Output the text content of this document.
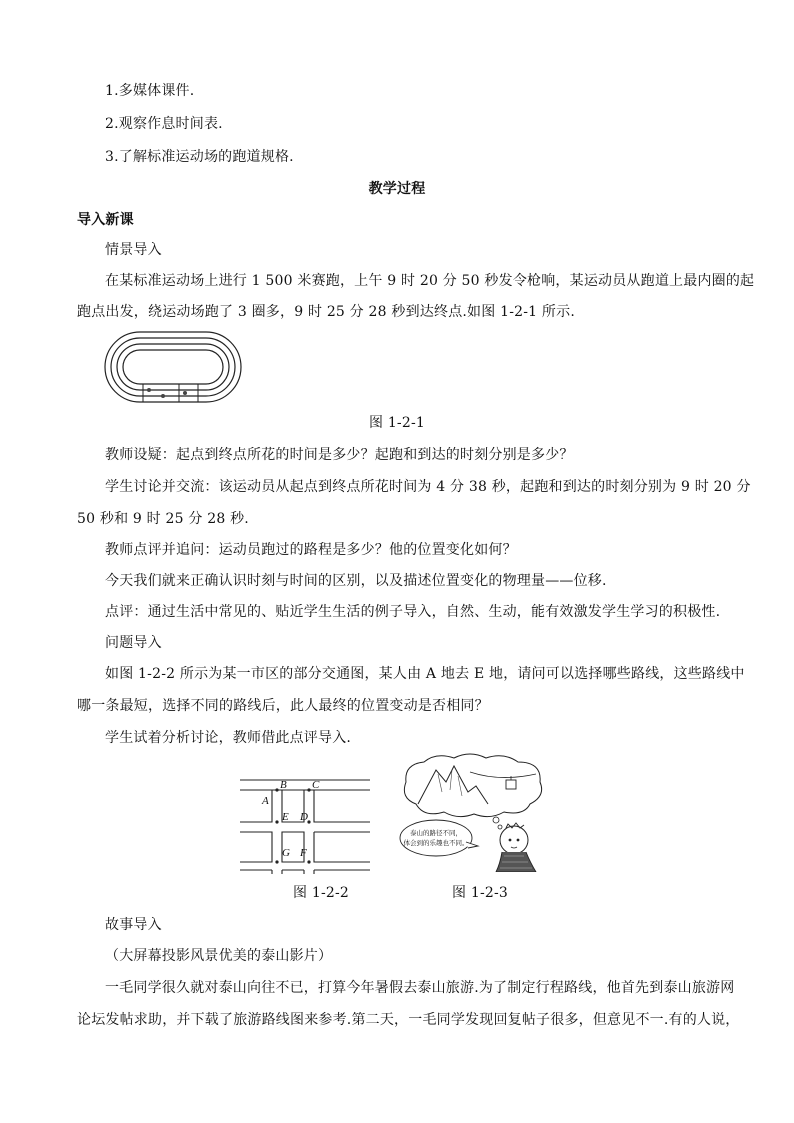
1.多媒体课件.
2.观察作息时间表.
3.了解标准运动场的跑道规格.
教学过程
导入新课
情景导入
在某标准运动场上进行 1 500 米赛跑，上午 9 时 20 分 50 秒发令枪响，某运动员从跑道上最内圈的起
跑点出发，绕运动场跑了 3 圈多，9 时 25 分 28 秒到达终点.如图 1-2-1 所示.
图 1-2-1
教师设疑：起点到终点所花的时间是多少？起跑和到达的时刻分别是多少？
学生讨论并交流：该运动员从起点到终点所花时间为 4 分 38 秒，起跑和到达的时刻分别为 9 时 20 分
50 秒和 9 时 25 分 28 秒.
教师点评并追问：运动员跑过的路程是多少？他的位置变化如何？
今天我们就来正确认识时刻与时间的区别，以及描述位置变化的物理量——位移.
点评：通过生活中常见的、贴近学生生活的例子导入，自然、生动，能有效激发学生学习的积极性.
问题导入
如图 1-2-2 所示为某一市区的部分交通图，某人由 A 地去 E 地，请问可以选择哪些路线，这些路线中
哪一条最短，选择不同的路线后，此人最终的位置变动是否相同？
学生试着分析讨论，教师借此点评导入.
A
B C
D
E
F
G
泰山的路径不同，
体会到的乐趣也不同。
图 1-2-2	图 1-2-3
故事导入
（大屏幕投影风景优美的泰山影片）
一毛同学很久就对泰山向往不已，打算今年暑假去泰山旅游.为了制定行程路线，他首先到泰山旅游网
论坛发帖求助，并下载了旅游路线图来参考.第二天，一毛同学发现回复帖子很多，但意见不一.有的人说，
